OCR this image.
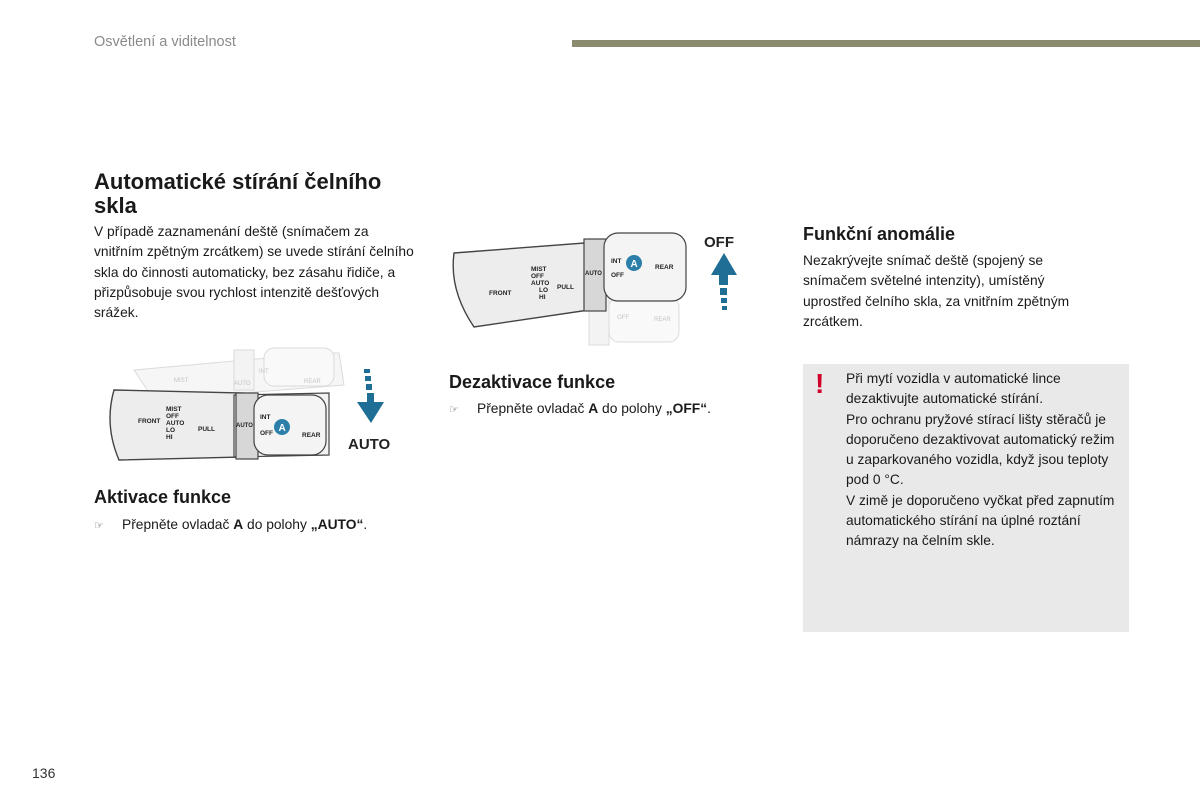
Osvětlení a viditelnost
Automatické stírání čelního
skla

V případě zaznamenání deště (snímačem za vnitřním zpětným zrcátkem) se uvede stírání čelního skla do činnosti automaticky, bez zásahu řidiče, a přizpůsobuje svou rychlost intenzitě dešťových srážek.

MIST	AUTO
INT
REAR
MIST
OFF
AUTO
LO
HI
FRONT
PULL
INT
OFF
AUTO
REAR
A
AUTO
Aktivace funkce
☞	Přepněte ovladač A do polohy „AUTO“.
OFF	REAR
MIST
OFF
AUTO
LO
HI
FRONT
PULL
AUTO
INT
OFF
REAR
A
OFF
Dezaktivace funkce
☞	Přepněte ovladač A do polohy „OFF“.
Funkční anomálie

Nezakrývejte snímač deště (spojený se snímačem světelné intenzity), umístěný uprostřed čelního skla, za vnitřním zpětným zrcátkem.

! Při mytí vozidla v automatické lince dezaktivujte automatické stírání.

Pro ochranu pryžové stírací lišty stěračů je doporučeno dezaktivovat automatický režim u zaparkovaného vozidla, když jsou teploty pod 0 °C.

V zimě je doporučeno vyčkat před zapnutím automatického stírání na úplné roztání námrazy na čelním skle.

136
